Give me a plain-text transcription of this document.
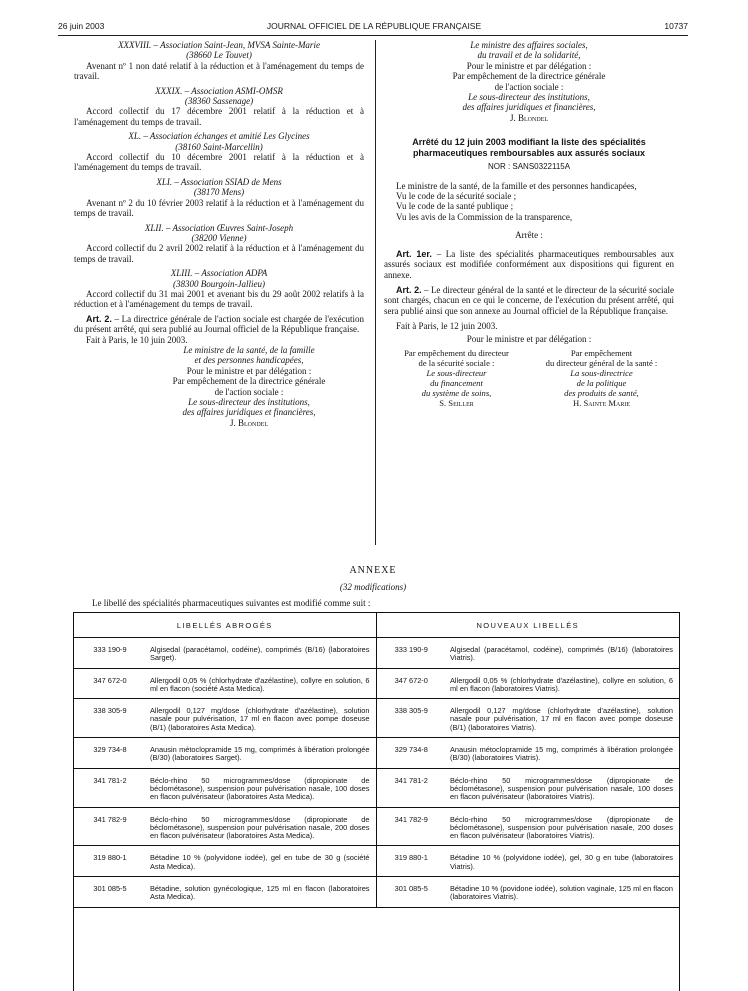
26 juin 2003	JOURNAL OFFICIEL DE LA RÉPUBLIQUE FRANÇAISE	10737
XXXVIII. – Association Saint-Jean, MVSA Sainte-Marie
(38660 Le Touvet)

Avenant nº 1 non daté relatif à la réduction et à l'aménagement du temps de travail.

XXXIX. – Association ASMI-OMSR
(38360 Sassenage)

Accord collectif du 17 décembre 2001 relatif à la réduction et à l'aménagement du temps de travail.

XL. – Association échanges et amitié Les Glycines
(38160 Saint-Marcellin)

Accord collectif du 10 décembre 2001 relatif à la réduction et à l'aménagement du temps de travail.

XLI. – Association SSIAD de Mens
(38170 Mens)

Avenant nº 2 du 10 février 2003 relatif à la réduction et à l'aménagement du temps de travail.

XLII. – Association Œuvres Saint-Joseph
(38200 Vienne)

Accord collectif du 2 avril 2002 relatif à la réduction et à l'aménagement du temps de travail.

XLIII. – Association ADPA
(38300 Bourgoin-Jallieu)

Accord collectif du 31 mai 2001 et avenant bis du 29 août 2002 relatifs à la réduction et à l'aménagement du temps de travail.

Art. 2. – La directrice générale de l'action sociale est chargée de l'exécution du présent arrêté, qui sera publié au Journal officiel de la République française.

Fait à Paris, le 10 juin 2003.

Le ministre de la santé, de la famille
et des personnes handicapées,
Pour le ministre et par délégation :
Par empêchement de la directrice générale
de l'action sociale :
Le sous-directeur des institutions,
des affaires juridiques et financières,
J. Blondel
Le ministre des affaires sociales,
du travail et de la solidarité,
Pour le ministre et par délégation :
Par empêchement de la directrice générale
de l'action sociale :
Le sous-directeur des institutions,
des affaires juridiques et financières,
J. Blondel
Arrêté du 12 juin 2003 modifiant la liste des spécialités pharmaceutiques remboursables aux assurés sociaux
NOR : SANS0322115A

Le ministre de la santé, de la famille et des personnes handicapées,

Vu le code de la sécurité sociale ;

Vu le code de la santé publique ;

Vu les avis de la Commission de la transparence,

Arrête :

Art. 1er. – La liste des spécialités pharmaceutiques remboursables aux assurés sociaux est modifiée conformément aux dispositions qui figurent en annexe.

Art. 2. – Le directeur général de la santé et le directeur de la sécurité sociale sont chargés, chacun en ce qui le concerne, de l'exécution du présent arrêté, qui sera publié ainsi que son annexe au Journal officiel de la République française.

Fait à Paris, le 12 juin 2003.

Pour le ministre et par délégation :

Par empêchement du directeur
de la sécurité sociale :
Le sous-directeur
du financement
du système de soins,
S. Seiller
Par empêchement
du directeur général de la santé :
La sous-directrice
de la politique
des produits de santé,
H. Sainte Marie
ANNEXE
(32 modifications)
Le libellé des spécialités pharmaceutiques suivantes est modifié comme suit :
LIBELLÉS ABROGÉS		NOUVEAUX LIBELLÉS	
333 190-9	Algisedal (paracétamol, codéine), comprimés (B/16) (laboratoires Sarget).	333 190-9	Algisedal (paracétamol, codéine), comprimés (B/16) (laboratoires Viatris).
347 672-0	Allergodil 0,05 % (chlorhydrate d'azélastine), collyre en solution, 6 ml en flacon (société Asta Medica).	347 672-0	Allergodil 0,05 % (chlorhydrate d'azélastine), collyre en solution, 6 ml en flacon (laboratoires Viatris).
338 305-9	Allergodil 0,127 mg/dose (chlorhydrate d'azélastine), solution nasale pour pulvérisation, 17 ml en flacon avec pompe doseuse (B/1) (laboratoires Asta Medica).	338 305-9	Allergodil 0,127 mg/dose (chlorhydrate d'azélastine), solution nasale pour pulvérisation, 17 ml en flacon avec pompe doseuse (B/1) (laboratoires Viatris).
329 734-8	Anausin métoclopramide 15 mg, comprimés à libération prolongée (B/30) (laboratoires Sarget).	329 734-8	Anausin métoclopramide 15 mg, comprimés à libération prolongée (B/30) (laboratoires Viatris).
341 781-2	Béclo-rhino 50 microgrammes/dose (dipropionate de béclométasone), suspension pour pulvérisation nasale, 100 doses en flacon pulvérisateur (laboratoires Asta Medica).	341 781-2	Béclo-rhino 50 microgrammes/dose (dipropionate de béclométasone), suspension pour pulvérisation nasale, 100 doses en flacon pulvérisateur (laboratoires Viatris).
341 782-9	Béclo-rhino 50 microgrammes/dose (dipropionate de béclométasone), suspension pour pulvérisation nasale, 200 doses en flacon pulvérisateur (laboratoires Asta Medica).	341 782-9	Béclo-rhino 50 microgrammes/dose (dipropionate de béclométasone), suspension pour pulvérisation nasale, 200 doses en flacon pulvérisateur (laboratoires Viatris).
319 880-1	Bétadine 10 % (polyvidone iodée), gel en tube de 30 g (société Asta Medica).	319 880-1	Bétadine 10 % (polyvidone iodée), gel, 30 g en tube (laboratoires Viatris).
301 085-5	Bétadine, solution gynécologique, 125 ml en flacon (laboratoires Asta Medica).	301 085-5	Bétadine 10 % (povidone iodée), solution vaginale, 125 ml en flacon (laboratoires Viatris).
